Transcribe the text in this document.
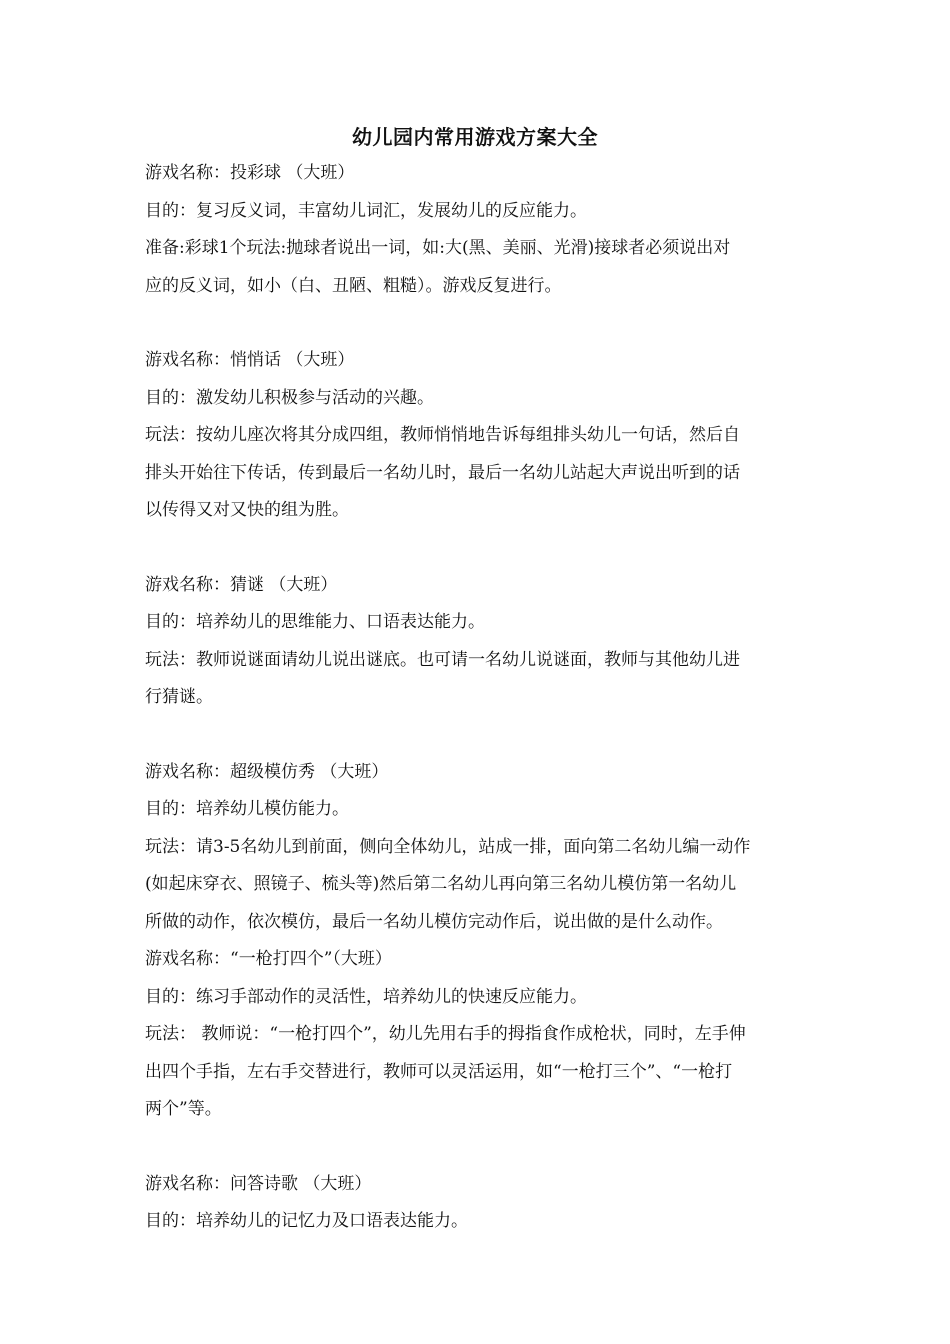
幼儿园内常用游戏方案大全
游戏名称：投彩球 （大班）
目的：复习反义词，丰富幼儿词汇，发展幼儿的反应能力。
准备:彩球1个玩法:抛球者说出一词，如:大(黑、美丽、光滑)接球者必须说出对
应的反义词，如小（白、丑陋、粗糙）。游戏反复进行。
游戏名称：悄悄话 （大班）
目的：激发幼儿积极参与活动的兴趣。
玩法：按幼儿座次将其分成四组，教师悄悄地告诉每组排头幼儿一句话，然后自
排头开始往下传话，传到最后一名幼儿时，最后一名幼儿站起大声说出听到的话
以传得又对又快的组为胜。
游戏名称：猜谜 （大班）
目的：培养幼儿的思维能力、口语表达能力。
玩法：教师说谜面请幼儿说出谜底。也可请一名幼儿说谜面，教师与其他幼儿进
行猜谜。
游戏名称：超级模仿秀 （大班）
目的：培养幼儿模仿能力。
玩法：请3-5名幼儿到前面，侧向全体幼儿，站成一排，面向第二名幼儿编一动作
(如起床穿衣、照镜子、梳头等)然后第二名幼儿再向第三名幼儿模仿第一名幼儿
所做的动作，依次模仿，最后一名幼儿模仿完动作后，说出做的是什么动作。
游戏名称：“一枪打四个”（大班）
目的：练习手部动作的灵活性，培养幼儿的快速反应能力。
玩法： 教师说：“一枪打四个”，幼儿先用右手的拇指食作成枪状，同时，左手伸
出四个手指，左右手交替进行，教师可以灵活运用，如“一枪打三个”、“一枪打
两个”等。
游戏名称：问答诗歌 （大班）
目的：培养幼儿的记忆力及口语表达能力。
